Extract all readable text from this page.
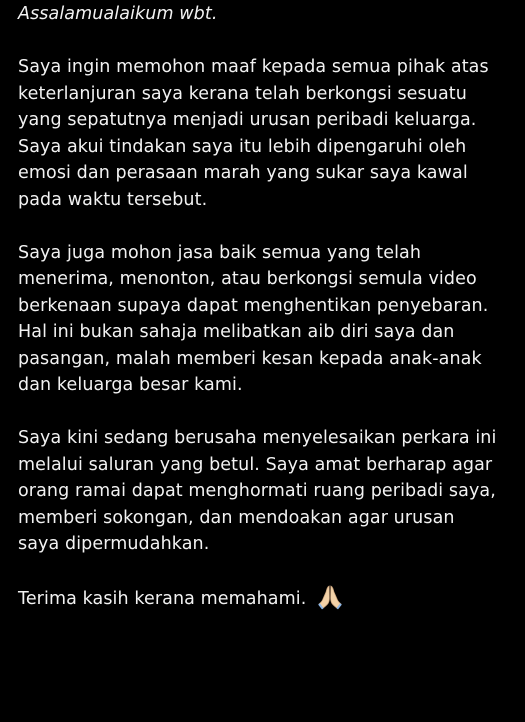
Assalamualaikum wbt.

Saya ingin memohon maaf kepada semua pihak atas
keterlanjuran saya kerana telah berkongsi sesuatu
yang sepatutnya menjadi urusan peribadi keluarga.
Saya akui tindakan saya itu lebih dipengaruhi oleh
emosi dan perasaan marah yang sukar saya kawal
pada waktu tersebut.

Saya juga mohon jasa baik semua yang telah
menerima, menonton, atau berkongsi semula video
berkenaan supaya dapat menghentikan penyebaran.
Hal ini bukan sahaja melibatkan aib diri saya dan
pasangan, malah memberi kesan kepada anak-anak
dan keluarga besar kami.

Saya kini sedang berusaha menyelesaikan perkara ini
melalui saluran yang betul. Saya amat berharap agar
orang ramai dapat menghormati ruang peribadi saya,
memberi sokongan, dan mendoakan agar urusan
saya dipermudahkan.

Terima kasih kerana memahami.
